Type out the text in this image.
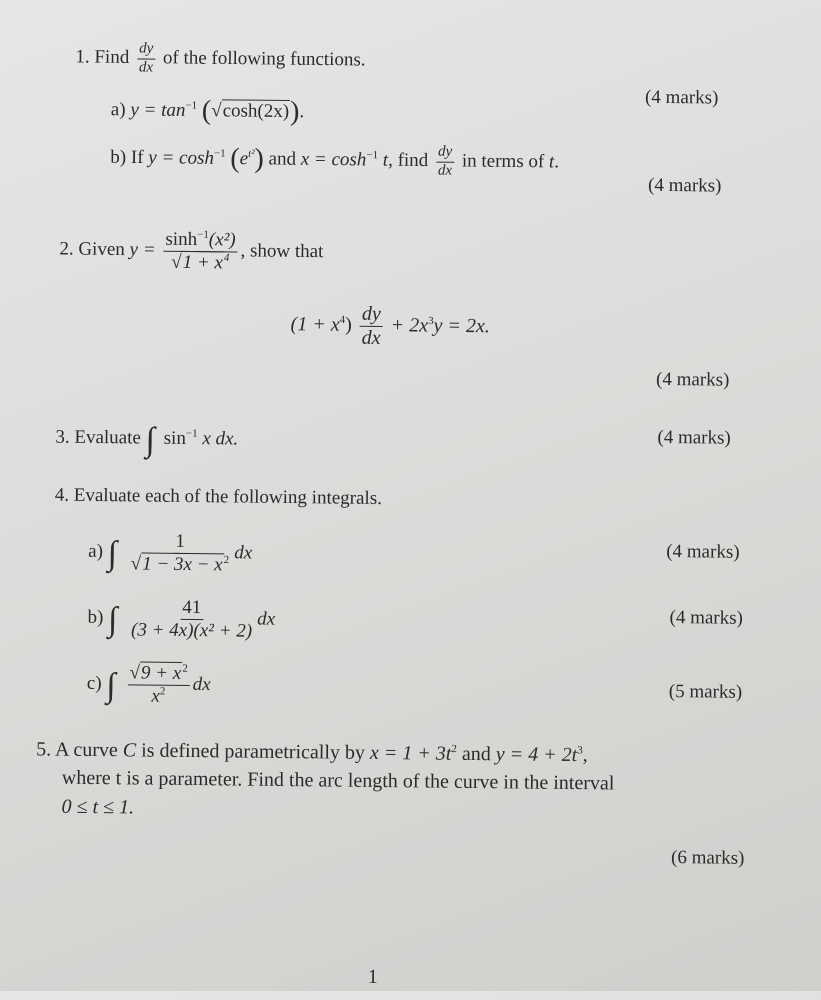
1. Find $\frac{dy}{dx}$ of the following functions.
a) $y = \tan^{-1} (√\cosh(2x))$.
(4 marks)
b) If $y = \cosh^{-1} (e^{t^2})$ and $x = \cosh^{-1} t$, find $\frac{dy}{dx}$ in terms of t.
(4 marks)
2. Given $y = \frac{\sinh^{-1}(x^2)}{√1 + x^4}$ , show that
$(1 + x^4) \frac{dy}{dx} + 2x^3y = 2x$.
(4 marks)
3. Evaluate ∫ $\sin^{-1} x$ dx.	(4 marks)
4. Evaluate each of the following integrals.
a) ∫ $\frac{1}{√1 - 3x - x^2}$ dx	(4 marks)
b) ∫ $\frac{41}{\text{(3 + 4x)(x² + 2)}}$ dx	(4 marks)
c) ∫ $\frac{√9 + x^2}{x^2}$ dx	(5 marks)
5. A curve C is defined parametrically by $x = 1 + 3t^2$ and $y = 4 + 2t^3$,
where t is a parameter. Find the arc length of the curve in the interval
0 ≤ t ≤ 1.
(6 marks)
1
